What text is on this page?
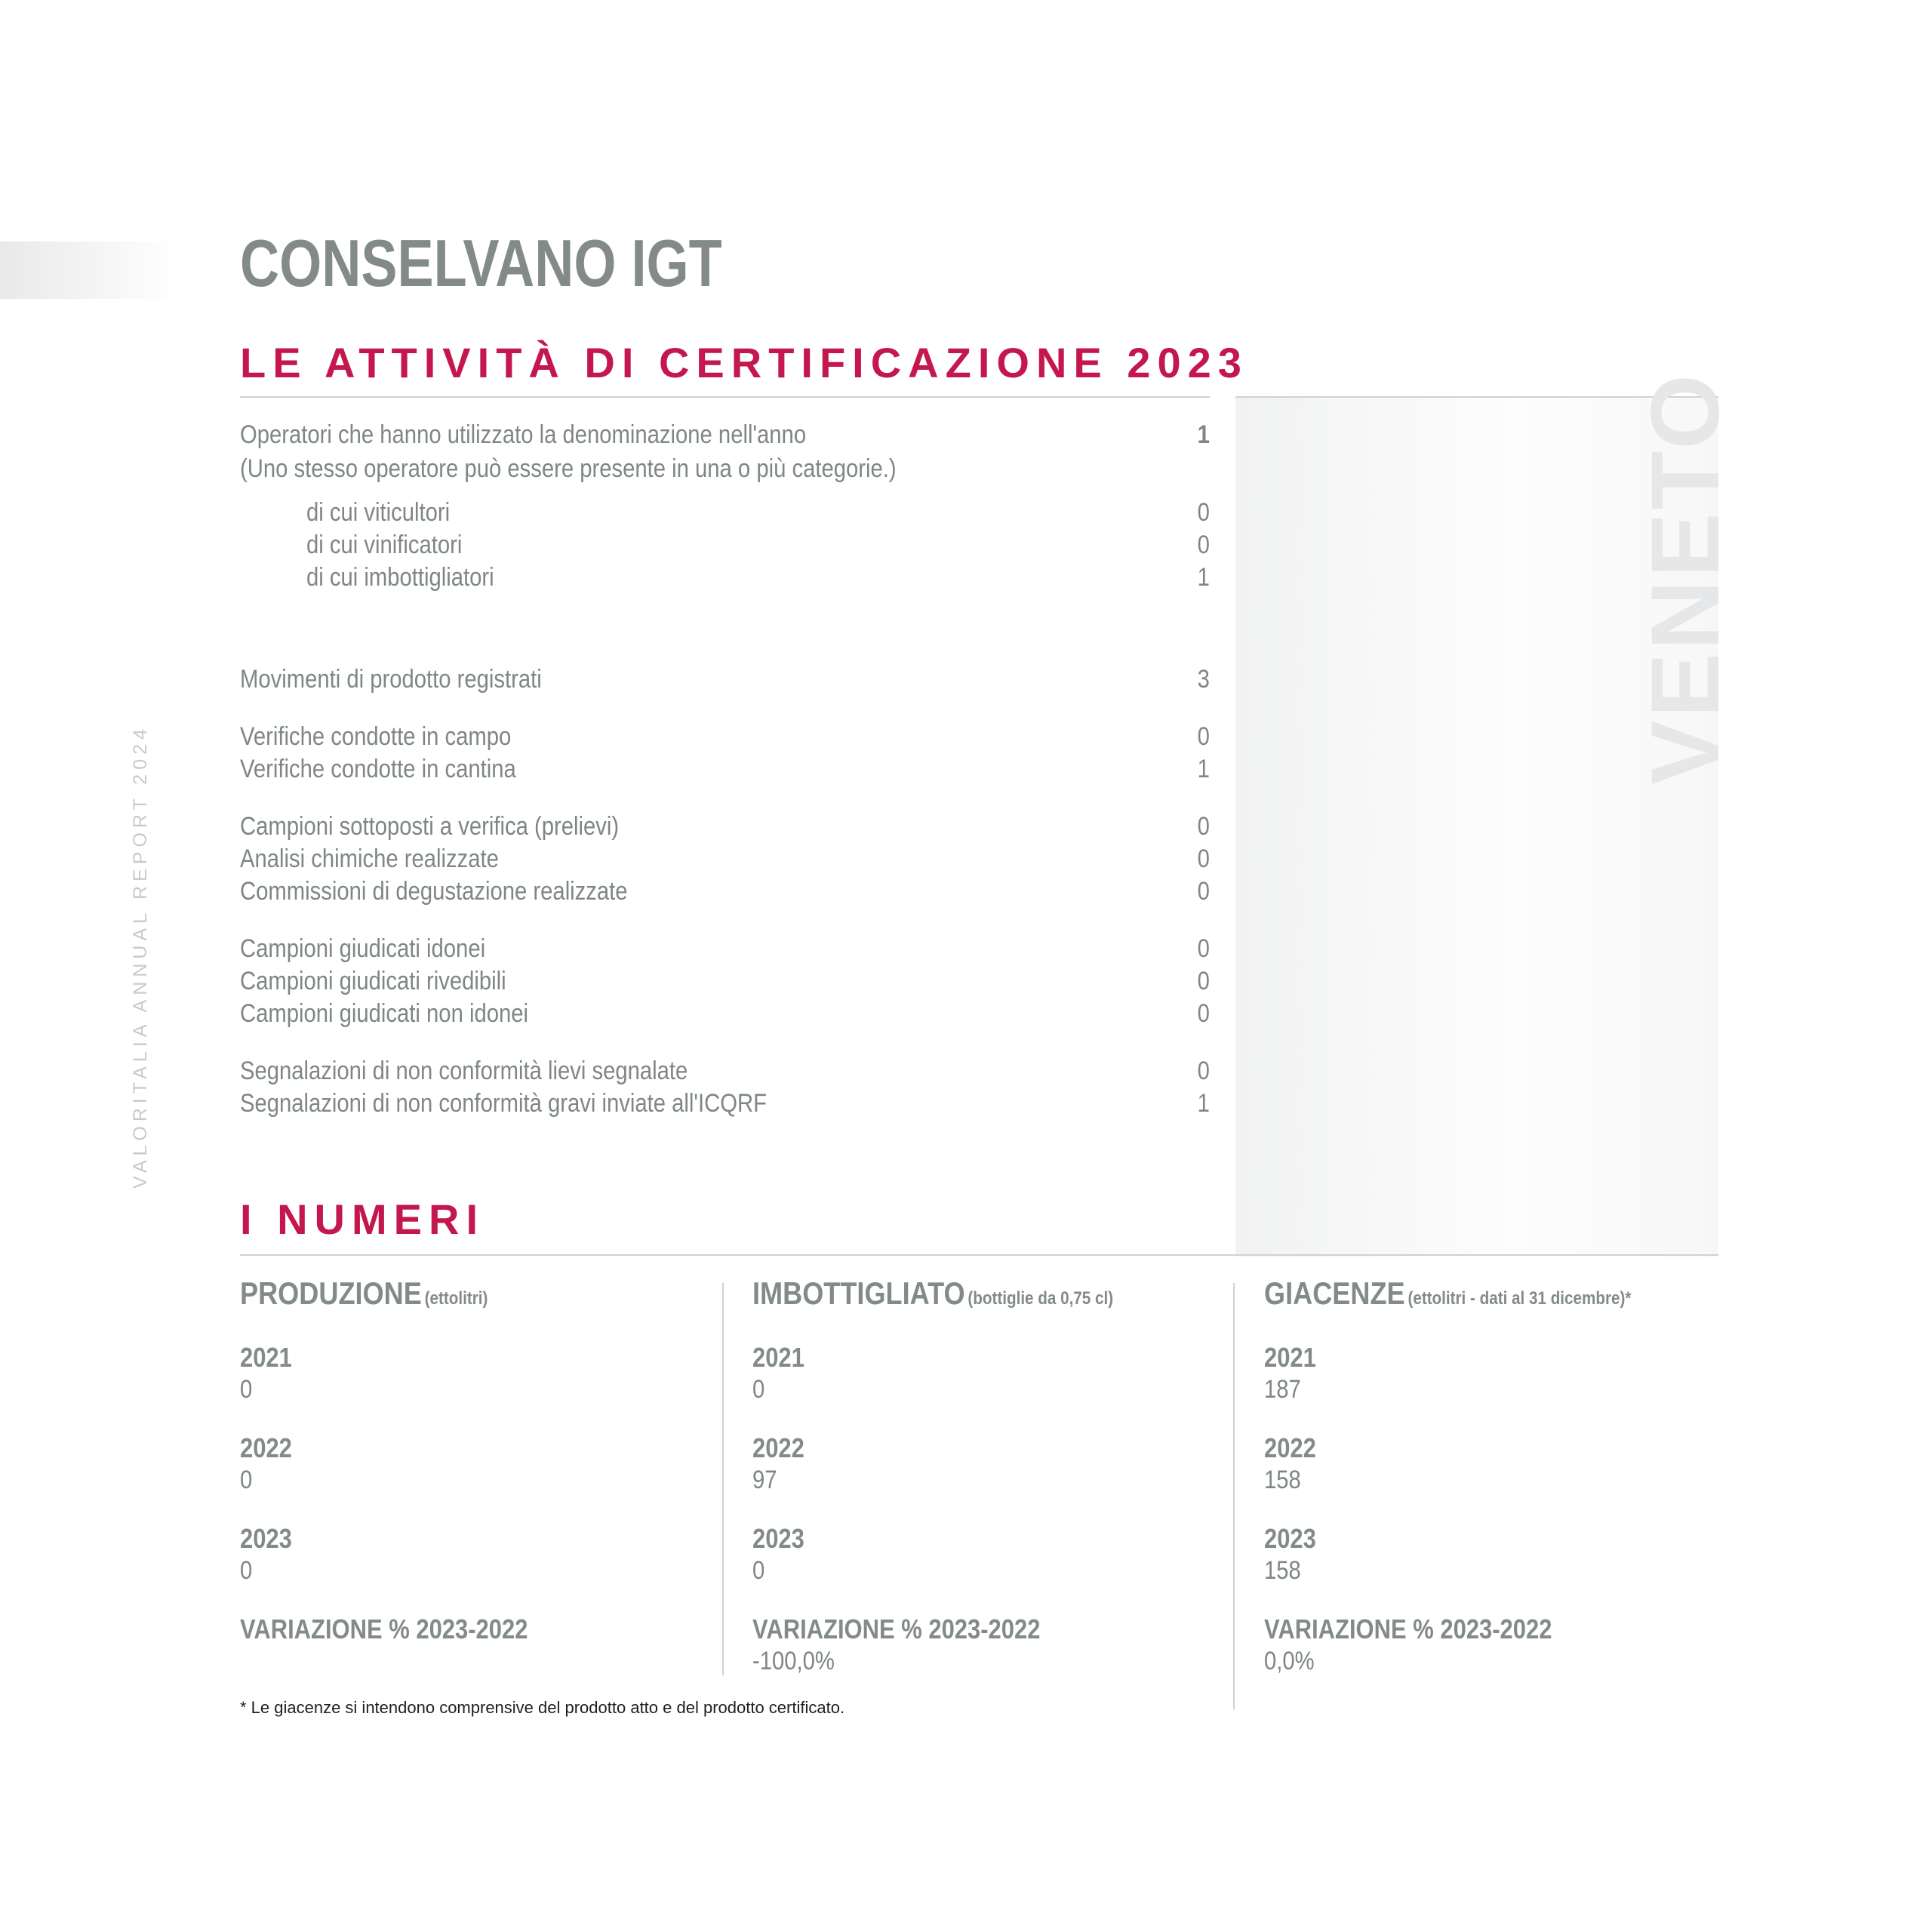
VALORITALIA ANNUAL REPORT 2024
CONSELVANO IGT
LE ATTIVITÀ DI CERTIFICAZIONE 2023
VENETO
Operatori che hanno utilizzato la denominazione nell'anno	1
(Uno stesso operatore può essere presente in una o più categorie.)
di cui viticultori	0
di cui vinificatori	0
di cui imbottigliatori	1
Movimenti di prodotto registrati	3
Verifiche condotte in campo	0
Verifiche condotte in cantina	1
Campioni sottoposti a verifica (prelievi)	0
Analisi chimiche realizzate	0
Commissioni di degustazione realizzate	0
Campioni giudicati idonei	0
Campioni giudicati rivedibili	0
Campioni giudicati non idonei	0
Segnalazioni di non conformità lievi segnalate	0
Segnalazioni di non conformità gravi inviate all'ICQRF	1
I NUMERI
PRODUZIONE (ettolitri)
2021
0
2022
0
2023
0
VARIAZIONE % 2023-2022
IMBOTTIGLIATO (bottiglie da 0,75 cl)
2021
0
2022
97
2023
0
VARIAZIONE % 2023-2022
-100,0%
GIACENZE (ettolitri - dati al 31 dicembre)*
2021
187
2022
158
2023
158
VARIAZIONE % 2023-2022
0,0%
* Le giacenze si intendono comprensive del prodotto atto e del prodotto certificato.
